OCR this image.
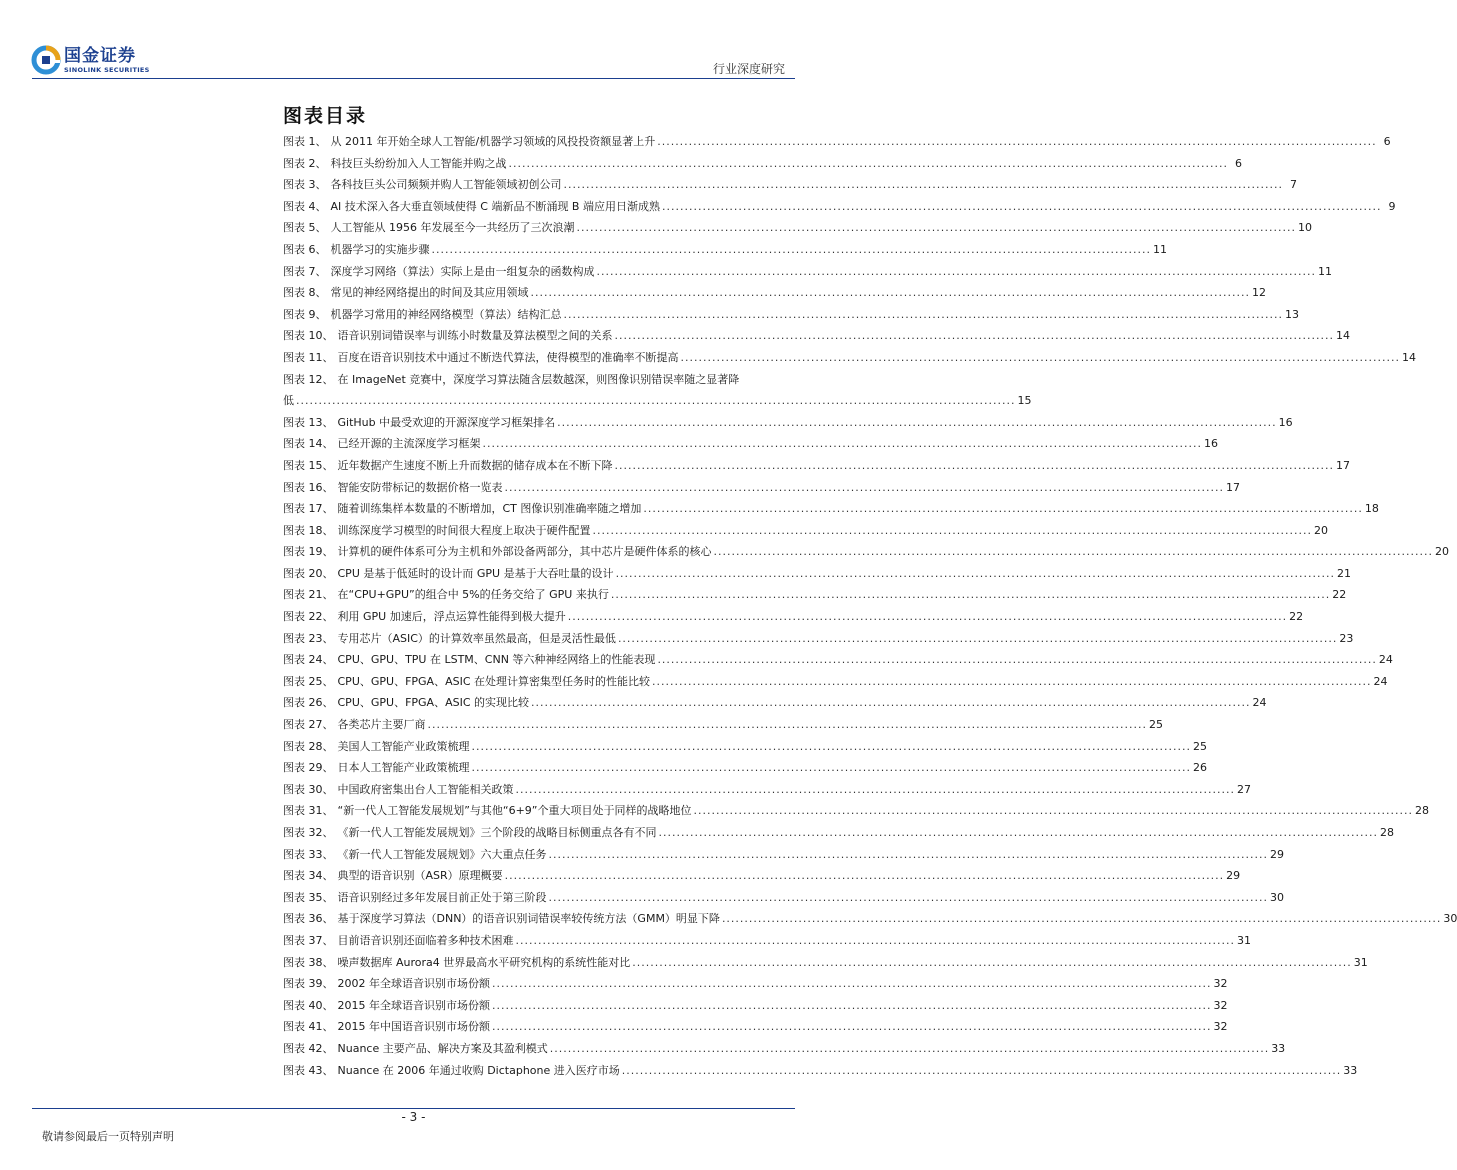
国金证券
SINOLINK SECURITIES	行业深度研究
图表目录
图表 1、 从 2011 年开始全球人工智能/机器学习领域的风投投资额显著上升 .....	6
图表 2、 科技巨头纷纷加入人工智能并购之战 .....	6
图表 3、 各科技巨头公司频频并购人工智能领域初创公司 .....	7
图表 4、 AI 技术深入各大垂直领域使得 C 端新品不断涌现 B 端应用日渐成熟 .....	9
图表 5、 人工智能从 1956 年发展至今一共经历了三次浪潮 .....	10
图表 6、 机器学习的实施步骤 .....	11
图表 7、 深度学习网络（算法）实际上是由一组复杂的函数构成 .....	11
图表 8、 常见的神经网络提出的时间及其应用领域 .....	12
图表 9、 机器学习常用的神经网络模型（算法）结构汇总 .....	13
图表 10、 语音识别词错误率与训练小时数量及算法模型之间的关系 .....	14
图表 11、 百度在语音识别技术中通过不断迭代算法，使得模型的准确率不断提高 .....	14
图表 12、 在 ImageNet 竞赛中，深度学习算法随含层数越深，则图像识别错误率随之显著降
低 .....	15
图表 13、 GitHub 中最受欢迎的开源深度学习框架排名 .....	16
图表 14、 已经开源的主流深度学习框架 .....	16
图表 15、 近年数据产生速度不断上升而数据的储存成本在不断下降 .....	17
图表 16、 智能安防带标记的数据价格一览表 .....	17
图表 17、 随着训练集样本数量的不断增加，CT 图像识别准确率随之增加 .....	18
图表 18、 训练深度学习模型的时间很大程度上取决于硬件配置 .....	20
图表 19、 计算机的硬件体系可分为主机和外部设备两部分，其中芯片是硬件体系的核心 .....	20
图表 20、 CPU 是基于低延时的设计而 GPU 是基于大吞吐量的设计 .....	21
图表 21、 在“CPU+GPU”的组合中 5%的任务交给了 GPU 来执行 .....	22
图表 22、 利用 GPU 加速后，浮点运算性能得到极大提升 .....	22
图表 23、 专用芯片（ASIC）的计算效率虽然最高，但是灵活性最低 .....	23
图表 24、 CPU、GPU、TPU 在 LSTM、CNN 等六种神经网络上的性能表现 .....	24
图表 25、 CPU、GPU、FPGA、ASIC 在处理计算密集型任务时的性能比较 .....	24
图表 26、 CPU、GPU、FPGA、ASIC 的实现比较 .....	24
图表 27、 各类芯片主要厂商 .....	25
图表 28、 美国人工智能产业政策梳理 .....	25
图表 29、 日本人工智能产业政策梳理 .....	26
图表 30、 中国政府密集出台人工智能相关政策 .....	27
图表 31、 “新一代人工智能发展规划”与其他“6+9”个重大项目处于同样的战略地位 .....	28
图表 32、 《新一代人工智能发展规划》三个阶段的战略目标侧重点各有不同 .....	28
图表 33、 《新一代人工智能发展规划》六大重点任务 .....	29
图表 34、 典型的语音识别（ASR）原理概要 .....	29
图表 35、 语音识别经过多年发展目前正处于第三阶段 .....	30
图表 36、 基于深度学习算法（DNN）的语音识别词错误率较传统方法（GMM）明显下降 .....	30
图表 37、 目前语音识别还面临着多种技术困难 .....	31
图表 38、 噪声数据库 Aurora4 世界最高水平研究机构的系统性能对比 .....	31
图表 39、 2002 年全球语音识别市场份额 .....	32
图表 40、 2015 年全球语音识别市场份额 .....	32
图表 41、 2015 年中国语音识别市场份额 .....	32
图表 42、 Nuance 主要产品、解决方案及其盈利模式 .....	33
图表 43、 Nuance 在 2006 年通过收购 Dictaphone 进入医疗市场 .....	33
- 3 -
敬请参阅最后一页特别声明
